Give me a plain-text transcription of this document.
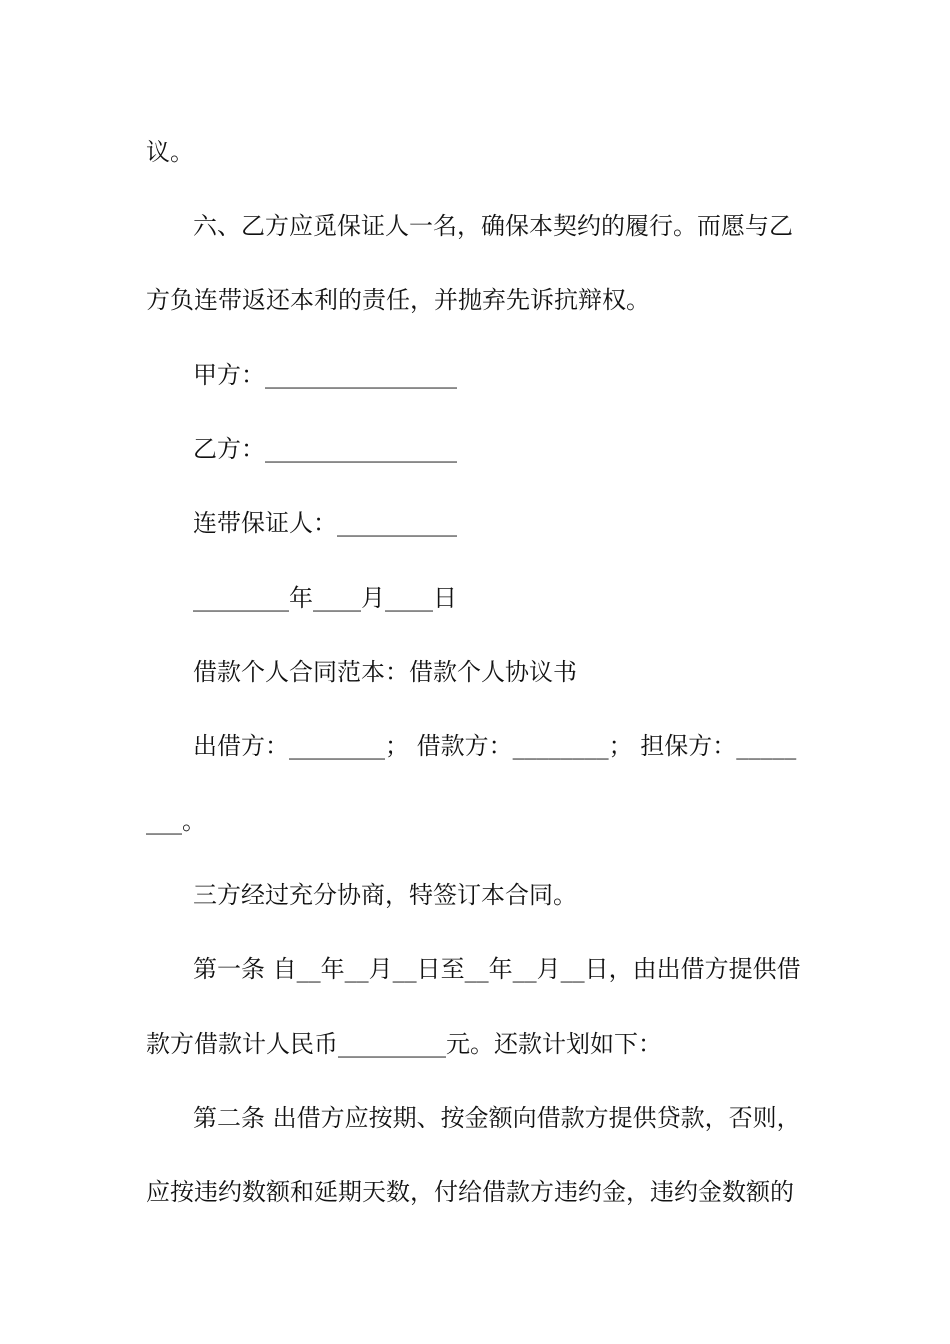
议。
六、乙方应觅保证人一名，确保本契约的履行。而愿与乙
方负连带返还本利的责任，并抛弃先诉抗辩权。
甲方：________________
乙方：________________
连带保证人：__________
________年____月____日
借款个人合同范本：借款个人协议书
出借方：________； 借款方：________； 担保方：_____
___。
三方经过充分协商，特签订本合同。
第一条 自__年__月__日至__年__月__日，由出借方提供借
款方借款计人民币_________元。还款计划如下：
第二条 出借方应按期、按金额向借款方提供贷款，否则，
应按违约数额和延期天数，付给借款方违约金，违约金数额的
